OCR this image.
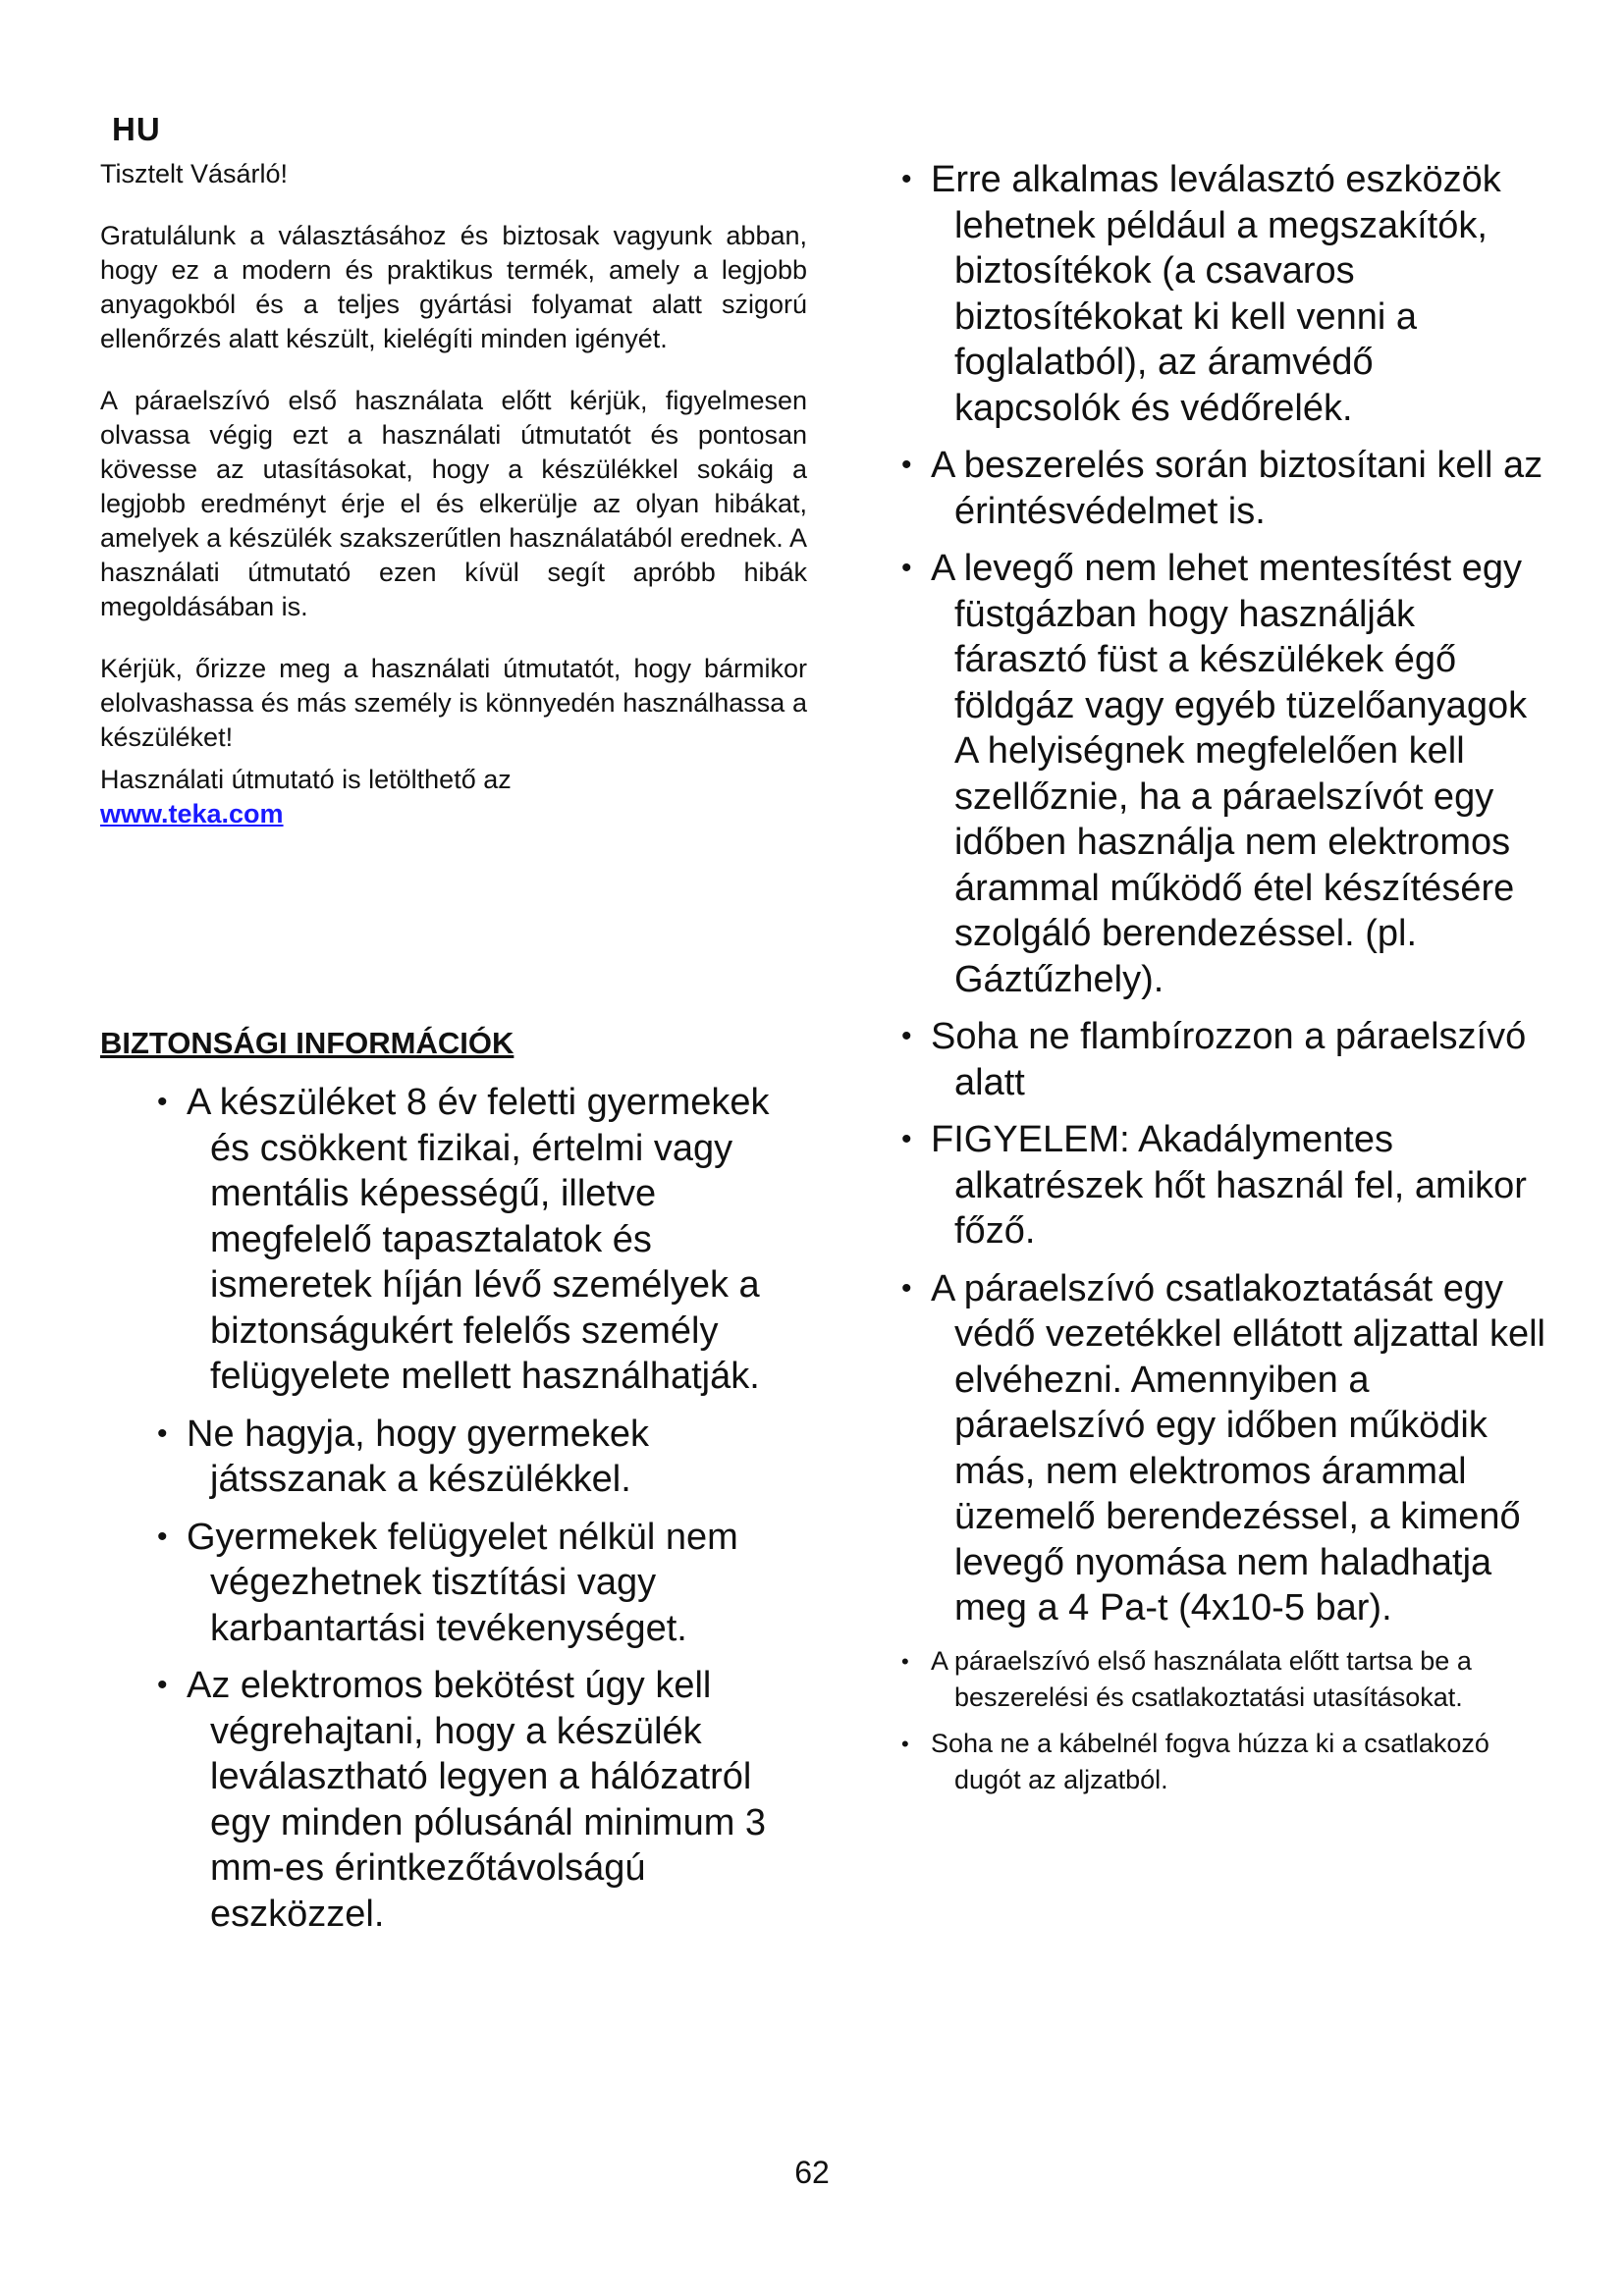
HU

Tisztelt Vásárló!

Gratulálunk a választásához és biztosak vagyunk abban, hogy ez a modern és praktikus termék, amely a legjobb anyagokból és a teljes gyártási folyamat alatt szigorú ellenőrzés alatt készült, kielégíti minden igényét.

A páraelszívó első használata előtt kérjük, figyelmesen olvassa végig ezt a használati útmutatót és pontosan kövesse az utasításokat, hogy a készülékkel sokáig a legjobb eredményt érje el és elkerülje az olyan hibákat, amelyek a készülék szakszerűtlen használatából erednek. A használati útmutató ezen kívül segít apróbb hibák megoldásában is.

Kérjük, őrizze meg a használati útmutatót, hogy bármikor elolvashassa és más személy is könnyedén használhassa a készüléket!

Használati útmutató is letölthető az
www.teka.com

BIZTONSÁGI INFORMÁCIÓK
• A készüléket 8 év feletti gyermekek és csökkent fizikai, értelmi vagy mentális képességű, illetve megfelelő tapasztalatok és ismeretek híján lévő személyek a biztonságukért felelős személy felügyelete mellett használhatják.
• Ne hagyja, hogy gyermekek játsszanak a készülékkel.
• Gyermekek felügyelet nélkül nem végezhetnek tisztítási vagy karbantartási tevékenységet.
• Az elektromos bekötést úgy kell végrehajtani, hogy a készülék leválasztható legyen a hálózatról egy minden pólusánál minimum 3 mm-es érintkezőtávolságú eszközzel.
• Erre alkalmas leválasztó eszközök lehetnek például a megszakítók, biztosítékok (a csavaros biztosítékokat ki kell venni a foglalatból), az áramvédő kapcsolók és védőrelék.
• A beszerelés során biztosítani kell az érintésvédelmet is.
• A levegő nem lehet mentesítést egy füstgázban hogy használják fárasztó füst a készülékek égő földgáz vagy egyéb tüzelőanyagok A helyiségnek megfelelően kell szellőznie, ha a páraelszívót egy időben használja nem elektromos árammal működő étel készítésére szolgáló berendezéssel. (pl. Gáztűzhely).
• Soha ne flambírozzon a páraelszívó alatt
• FIGYELEM: Akadálymentes alkatrészek hőt használ fel, amikor főző.
• A páraelszívó csatlakoztatását egy védő vezetékkel ellátott aljzattal kell elvéhezni. Amennyiben a páraelszívó egy időben működik más, nem elektromos árammal üzemelő berendezéssel, a kimenő levegő nyomása nem haladhatja meg a 4 Pa-t (4x10-5 bar).
• A páraelszívó első használata előtt tartsa be a beszerelési és csatlakoztatási utasításokat.
• Soha ne a kábelnél fogva húzza ki a csatlakozó dugót az aljzatból.
62
